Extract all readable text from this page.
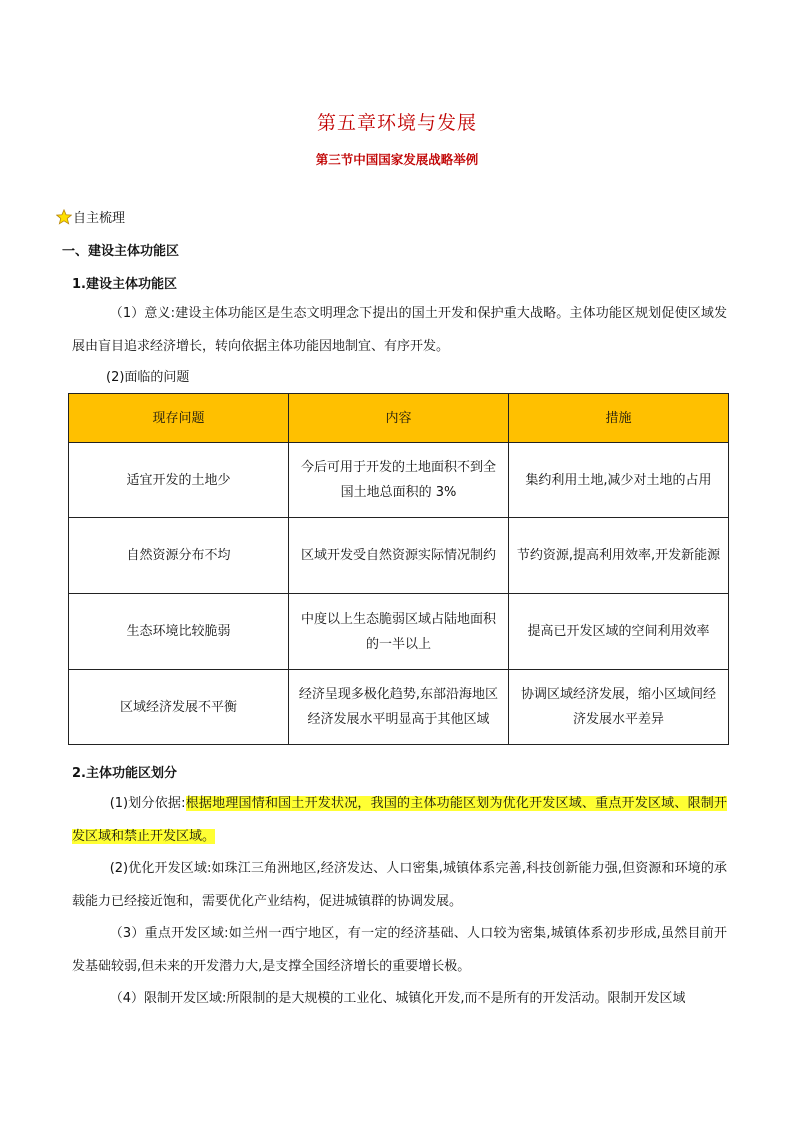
第五章环境与发展
第三节中国国家发展战略举例
自主梳理
一、建设主体功能区
1.建设主体功能区

（1）意义:建设主体功能区是生态文明理念下提出的国土开发和保护重大战略。主体功能区规划促使区域发展由盲目追求经济增长，转向依据主体功能因地制宜、有序开发。

(2)面临的问题
现存问题	内容	措施
适宜开发的土地少	今后可用于开发的土地面积不到全国土地总面积的 3%	集约利用土地,减少对土地的占用
自然资源分布不均	区域开发受自然资源实际情况制约	节约资源,提高利用效率,开发新能源
生态环境比较脆弱	中度以上生态脆弱区域占陆地面积的一半以上	提高已开发区域的空间利用效率
区域经济发展不平衡	经济呈现多极化趋势,东部沿海地区经济发展水平明显高于其他区域	协调区域经济发展，缩小区域间经济发展水平差异
2.主体功能区划分

(1)划分依据:根据地理国情和国土开发状况，我国的主体功能区划为优化开发区域、重点开发区域、限制开发区域和禁止开发区域。

(2)优化开发区域:如珠江三角洲地区,经济发达、人口密集,城镇体系完善,科技创新能力强,但资源和环境的承载能力已经接近饱和，需要优化产业结构，促进城镇群的协调发展。

（3）重点开发区域:如兰州一西宁地区，有一定的经济基础、人口较为密集,城镇体系初步形成,虽然目前开发基础较弱,但未来的开发潜力大,是支撑全国经济增长的重要增长极。

（4）限制开发区域:所限制的是大规模的工业化、城镇化开发,而不是所有的开发活动。限制开发区域
